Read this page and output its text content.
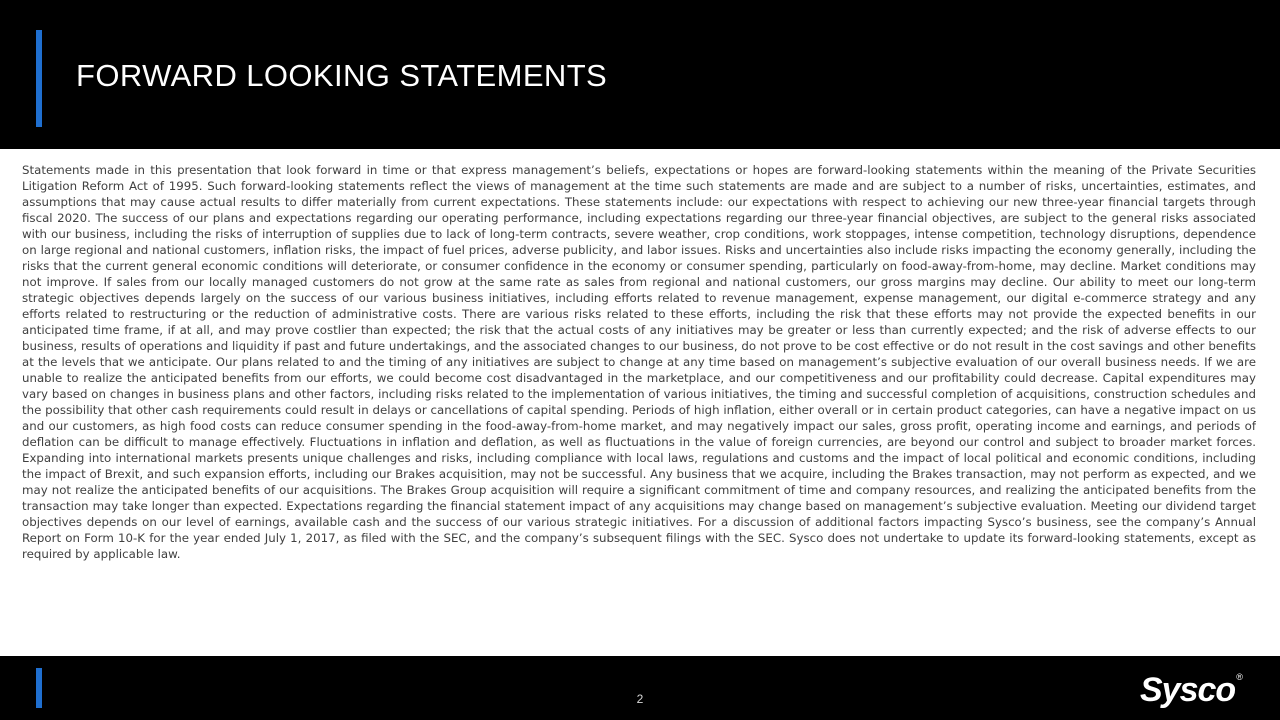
FORWARD LOOKING STATEMENTS

Statements made in this presentation that look forward in time or that express management’s beliefs, expectations or hopes are forward-looking statements within the meaning of the Private Securities Litigation Reform Act of 1995. Such forward-looking statements reflect the views of management at the time such statements are made and are subject to a number of risks, uncertainties, estimates, and assumptions that may cause actual results to differ materially from current expectations. These statements include: our expectations with respect to achieving our new three-year financial targets through fiscal 2020. The success of our plans and expectations regarding our operating performance, including expectations regarding our three-year financial objectives, are subject to the general risks associated with our business, including the risks of interruption of supplies due to lack of long-term contracts, severe weather, crop conditions, work stoppages, intense competition, technology disruptions, dependence on large regional and national customers, inflation risks, the impact of fuel prices, adverse publicity, and labor issues. Risks and uncertainties also include risks impacting the economy generally, including the risks that the current general economic conditions will deteriorate, or consumer confidence in the economy or consumer spending, particularly on food-away-from-home, may decline. Market conditions may not improve. If sales from our locally managed customers do not grow at the same rate as sales from regional and national customers, our gross margins may decline. Our ability to meet our long-term strategic objectives depends largely on the success of our various business initiatives, including efforts related to revenue management, expense management, our digital e-commerce strategy and any efforts related to restructuring or the reduction of administrative costs. There are various risks related to these efforts, including the risk that these efforts may not provide the expected benefits in our anticipated time frame, if at all, and may prove costlier than expected; the risk that the actual costs of any initiatives may be greater or less than currently expected; and the risk of adverse effects to our business, results of operations and liquidity if past and future undertakings, and the associated changes to our business, do not prove to be cost effective or do not result in the cost savings and other benefits at the levels that we anticipate. Our plans related to and the timing of any initiatives are subject to change at any time based on management’s subjective evaluation of our overall business needs. If we are unable to realize the anticipated benefits from our efforts, we could become cost disadvantaged in the marketplace, and our competitiveness and our profitability could decrease. Capital expenditures may vary based on changes in business plans and other factors, including risks related to the implementation of various initiatives, the timing and successful completion of acquisitions, construction schedules and the possibility that other cash requirements could result in delays or cancellations of capital spending. Periods of high inflation, either overall or in certain product categories, can have a negative impact on us and our customers, as high food costs can reduce consumer spending in the food-away-from-home market, and may negatively impact our sales, gross profit, operating income and earnings, and periods of deflation can be difficult to manage effectively. Fluctuations in inflation and deflation, as well as fluctuations in the value of foreign currencies, are beyond our control and subject to broader market forces. Expanding into international markets presents unique challenges and risks, including compliance with local laws, regulations and customs and the impact of local political and economic conditions, including the impact of Brexit, and such expansion efforts, including our Brakes acquisition, may not be successful. Any business that we acquire, including the Brakes transaction, may not perform as expected, and we may not realize the anticipated benefits of our acquisitions. The Brakes Group acquisition will require a significant commitment of time and company resources, and realizing the anticipated benefits from the transaction may take longer than expected. Expectations regarding the financial statement impact of any acquisitions may change based on management’s subjective evaluation. Meeting our dividend target objectives depends on our level of earnings, available cash and the success of our various strategic initiatives. For a discussion of additional factors impacting Sysco’s business, see the company’s Annual Report on Form 10-K for the year ended July 1, 2017, as filed with the SEC, and the company’s subsequent filings with the SEC. Sysco does not undertake to update its forward-looking statements, except as required by applicable law.

2	Sysco®
